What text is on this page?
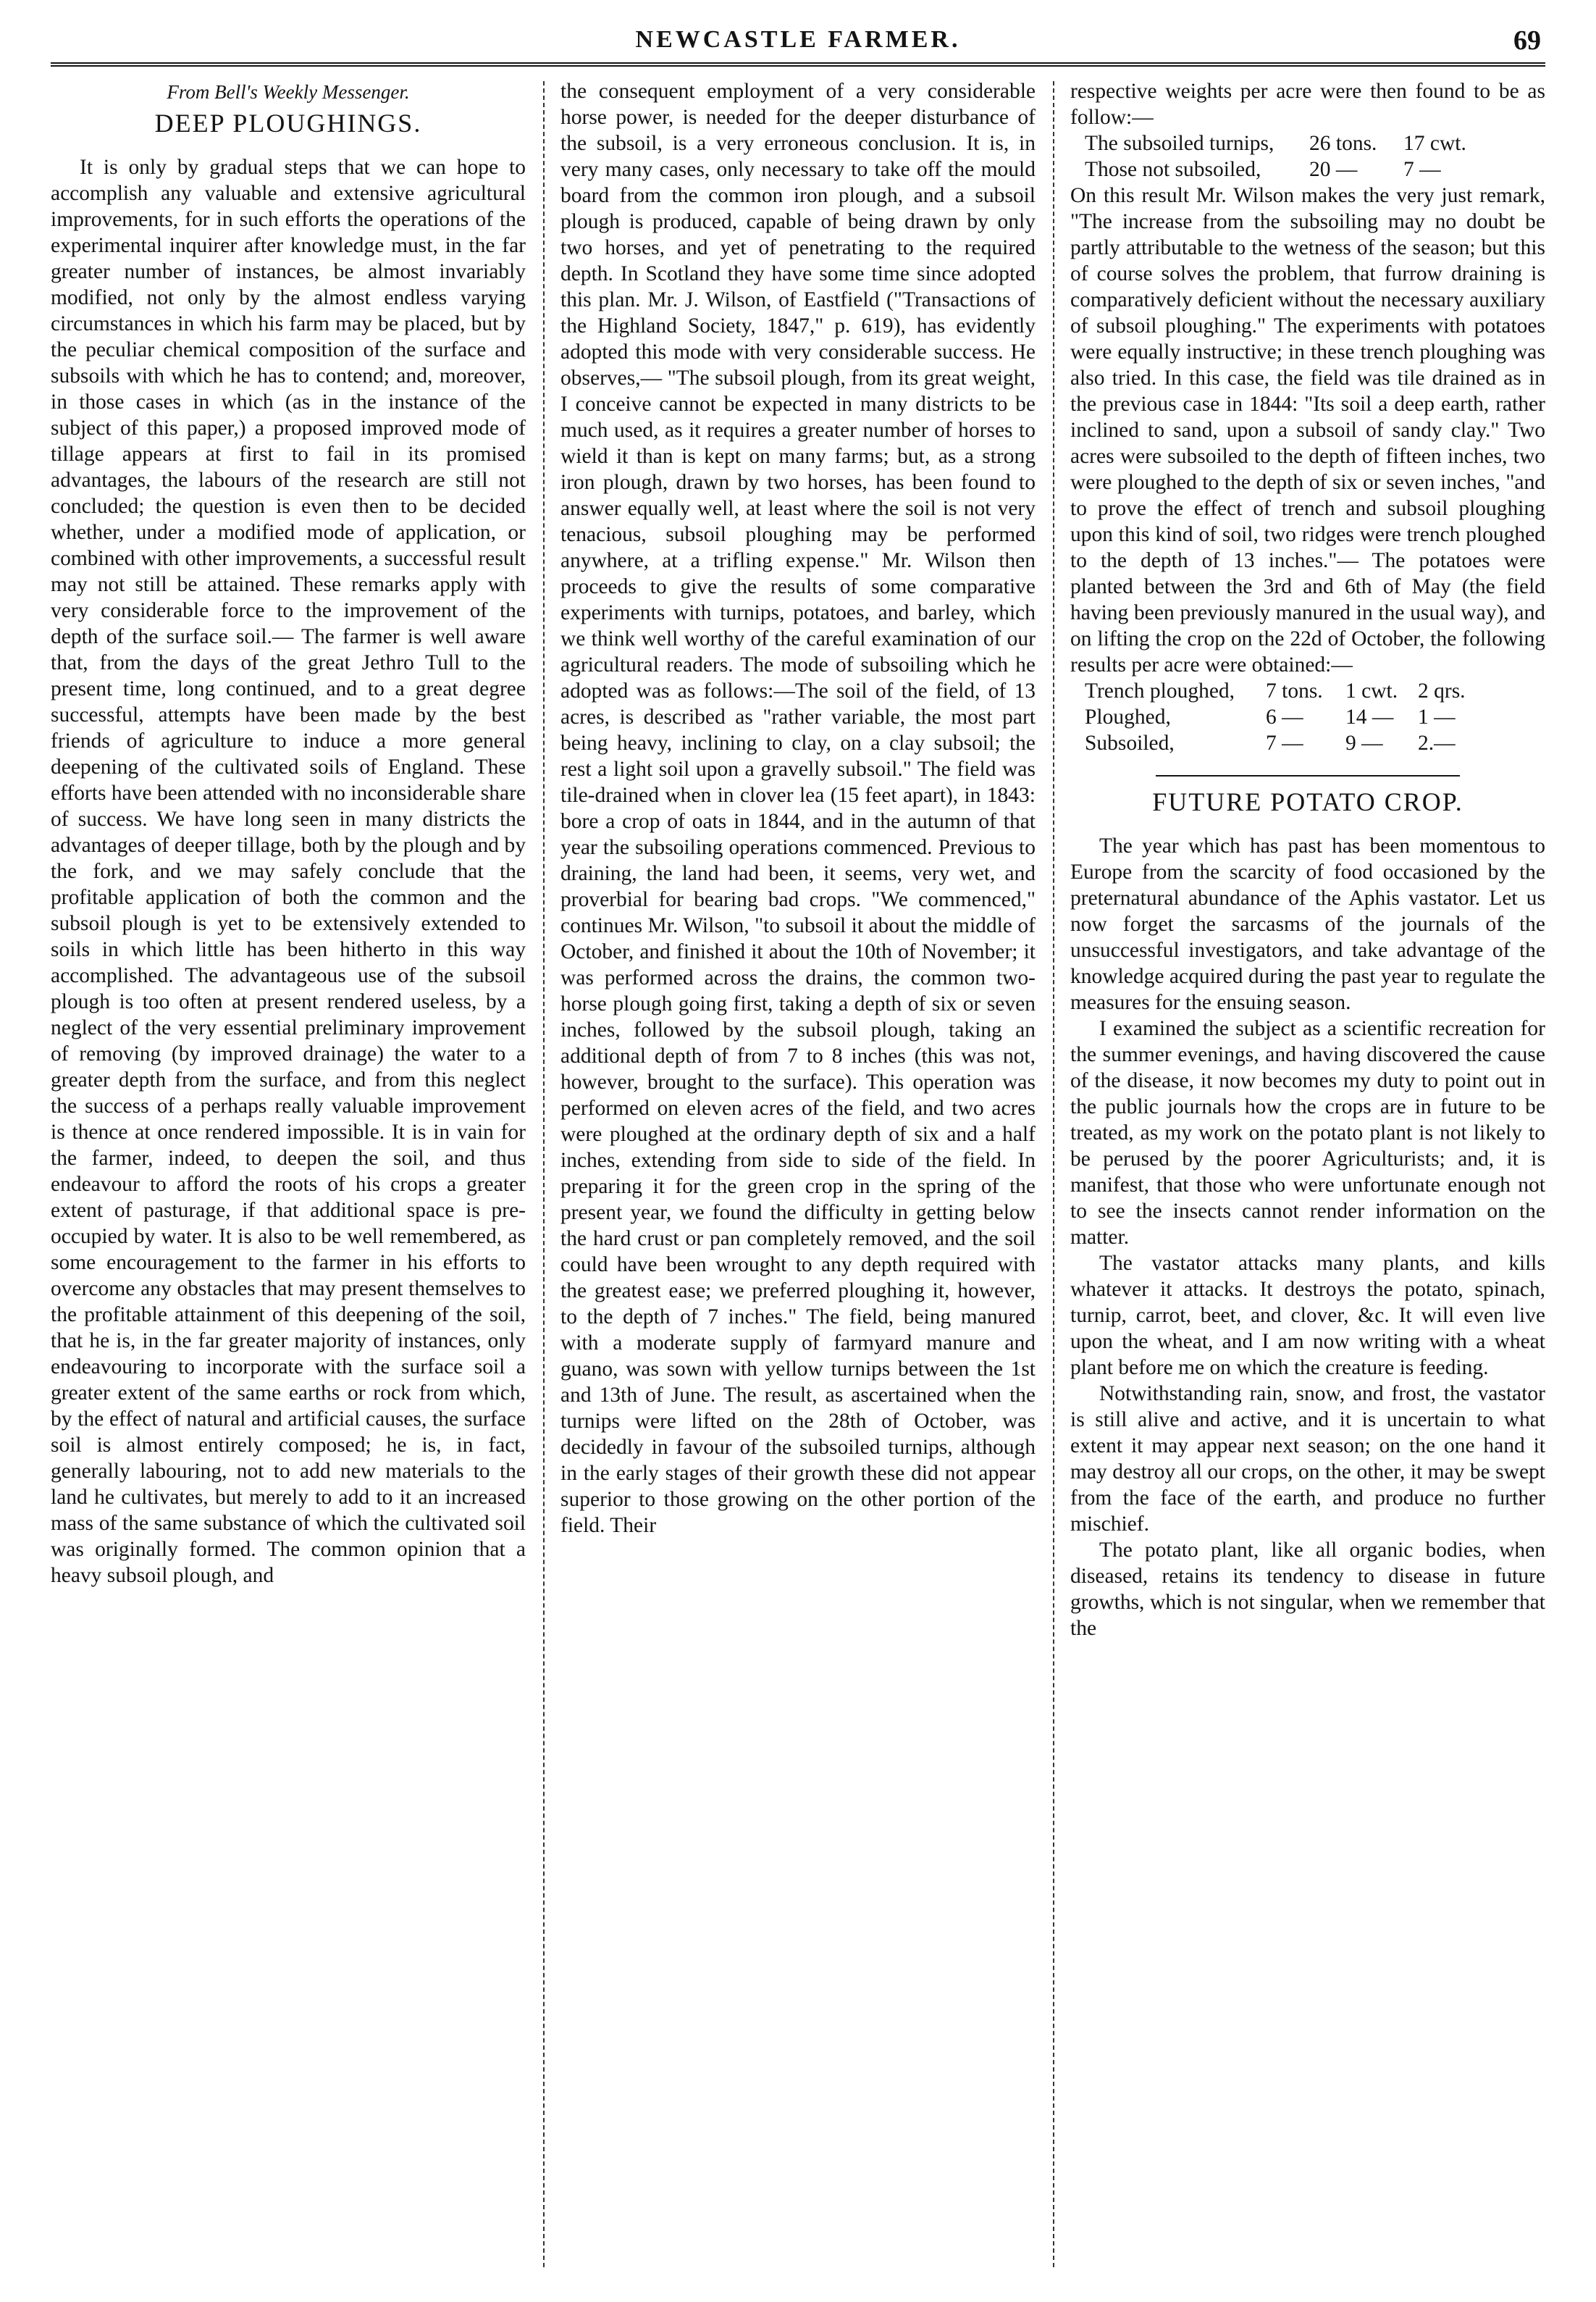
NEWCASTLE FARMER.	69
From Bell's Weekly Messenger.
DEEP PLOUGHINGS.

It is only by gradual steps that we can hope to accomplish any valuable and extensive agricultural improvements, for in such efforts the operations of the experimental inquirer after knowledge must, in the far greater number of instances, be almost invariably modified, not only by the almost endless varying circumstances in which his farm may be placed, but by the peculiar chemical composition of the surface and subsoils with which he has to contend; and, moreover, in those cases in which (as in the instance of the subject of this paper,) a proposed improved mode of tillage appears at first to fail in its promised advantages, the labours of the research are still not concluded; the question is even then to be decided whether, under a modified mode of application, or combined with other improvements, a successful result may not still be attained. These remarks apply with very considerable force to the improvement of the depth of the surface soil.— The farmer is well aware that, from the days of the great Jethro Tull to the present time, long continued, and to a great degree successful, attempts have been made by the best friends of agriculture to induce a more general deepening of the cultivated soils of England. These efforts have been attended with no inconsiderable share of success. We have long seen in many districts the advantages of deeper tillage, both by the plough and by the fork, and we may safely conclude that the profitable application of both the common and the subsoil plough is yet to be extensively extended to soils in which little has been hitherto in this way accomplished. The advantageous use of the subsoil plough is too often at present rendered useless, by a neglect of the very essential preliminary improvement of removing (by improved drainage) the water to a greater depth from the surface, and from this neglect the success of a perhaps really valuable improvement is thence at once rendered impossible. It is in vain for the farmer, indeed, to deepen the soil, and thus endeavour to afford the roots of his crops a greater extent of pasturage, if that additional space is pre-occupied by water. It is also to be well remembered, as some encouragement to the farmer in his efforts to overcome any obstacles that may present themselves to the profitable attainment of this deepening of the soil, that he is, in the far greater majority of instances, only endeavouring to incorporate with the surface soil a greater extent of the same earths or rock from which, by the effect of natural and artificial causes, the surface soil is almost entirely composed; he is, in fact, generally labouring, not to add new materials to the land he cultivates, but merely to add to it an increased mass of the same substance of which the cultivated soil was originally formed. The common opinion that a heavy subsoil plough, and

the consequent employment of a very considerable horse power, is needed for the deeper disturbance of the subsoil, is a very erroneous conclusion. It is, in very many cases, only necessary to take off the mould board from the common iron plough, and a subsoil plough is produced, capable of being drawn by only two horses, and yet of penetrating to the required depth. In Scotland they have some time since adopted this plan. Mr. J. Wilson, of Eastfield ("Transactions of the Highland Society, 1847," p. 619), has evidently adopted this mode with very considerable success. He observes,— "The subsoil plough, from its great weight, I conceive cannot be expected in many districts to be much used, as it requires a greater number of horses to wield it than is kept on many farms; but, as a strong iron plough, drawn by two horses, has been found to answer equally well, at least where the soil is not very tenacious, subsoil ploughing may be performed anywhere, at a trifling expense." Mr. Wilson then proceeds to give the results of some comparative experiments with turnips, potatoes, and barley, which we think well worthy of the careful examination of our agricultural readers. The mode of subsoiling which he adopted was as follows:—The soil of the field, of 13 acres, is described as "rather variable, the most part being heavy, inclining to clay, on a clay subsoil; the rest a light soil upon a gravelly subsoil." The field was tile-drained when in clover lea (15 feet apart), in 1843: bore a crop of oats in 1844, and in the autumn of that year the subsoiling operations commenced. Previous to draining, the land had been, it seems, very wet, and proverbial for bearing bad crops. "We commenced," continues Mr. Wilson, "to subsoil it about the middle of October, and finished it about the 10th of November; it was performed across the drains, the common two-horse plough going first, taking a depth of six or seven inches, followed by the subsoil plough, taking an additional depth of from 7 to 8 inches (this was not, however, brought to the surface). This operation was performed on eleven acres of the field, and two acres were ploughed at the ordinary depth of six and a half inches, extending from side to side of the field. In preparing it for the green crop in the spring of the present year, we found the difficulty in getting below the hard crust or pan completely removed, and the soil could have been wrought to any depth required with the greatest ease; we preferred ploughing it, however, to the depth of 7 inches." The field, being manured with a moderate supply of farmyard manure and guano, was sown with yellow turnips between the 1st and 13th of June. The result, as ascertained when the turnips were lifted on the 28th of October, was decidedly in favour of the subsoiled turnips, although in the early stages of their growth these did not appear superior to those growing on the other portion of the field. Their

respective weights per acre were then found to be as follow:—

The subsoiled turnips,	26 tons.	17 cwt.
Those not subsoiled,	20 —	7 —

On this result Mr. Wilson makes the very just remark, "The increase from the subsoiling may no doubt be partly attributable to the wetness of the season; but this of course solves the problem, that furrow draining is comparatively deficient without the necessary auxiliary of subsoil ploughing." The experiments with potatoes were equally instructive; in these trench ploughing was also tried. In this case, the field was tile drained as in the previous case in 1844: "Its soil a deep earth, rather inclined to sand, upon a subsoil of sandy clay." Two acres were subsoiled to the depth of fifteen inches, two were ploughed to the depth of six or seven inches, "and to prove the effect of trench and subsoil ploughing upon this kind of soil, two ridges were trench ploughed to the depth of 13 inches."— The potatoes were planted between the 3rd and 6th of May (the field having been previously manured in the usual way), and on lifting the crop on the 22d of October, the following results per acre were obtained:—

Trench ploughed,	7 tons.	1 cwt. 2 qrs.
Ploughed,	6 —	14 —	1 —
Subsoiled,	7 —	9 —	2.—
FUTURE POTATO CROP.

The year which has past has been momentous to Europe from the scarcity of food occasioned by the preternatural abundance of the Aphis vastator. Let us now forget the sarcasms of the journals of the unsuccessful investigators, and take advantage of the knowledge acquired during the past year to regulate the measures for the ensuing season.

I examined the subject as a scientific recreation for the summer evenings, and having discovered the cause of the disease, it now becomes my duty to point out in the public journals how the crops are in future to be treated, as my work on the potato plant is not likely to be perused by the poorer Agriculturists; and, it is manifest, that those who were unfortunate enough not to see the insects cannot render information on the matter.

The vastator attacks many plants, and kills whatever it attacks. It destroys the potato, spinach, turnip, carrot, beet, and clover, &c. It will even live upon the wheat, and I am now writing with a wheat plant before me on which the creature is feeding.

Notwithstanding rain, snow, and frost, the vastator is still alive and active, and it is uncertain to what extent it may appear next season; on the one hand it may destroy all our crops, on the other, it may be swept from the face of the earth, and produce no further mischief.

The potato plant, like all organic bodies, when diseased, retains its tendency to disease in future growths, which is not singular, when we remember that the
